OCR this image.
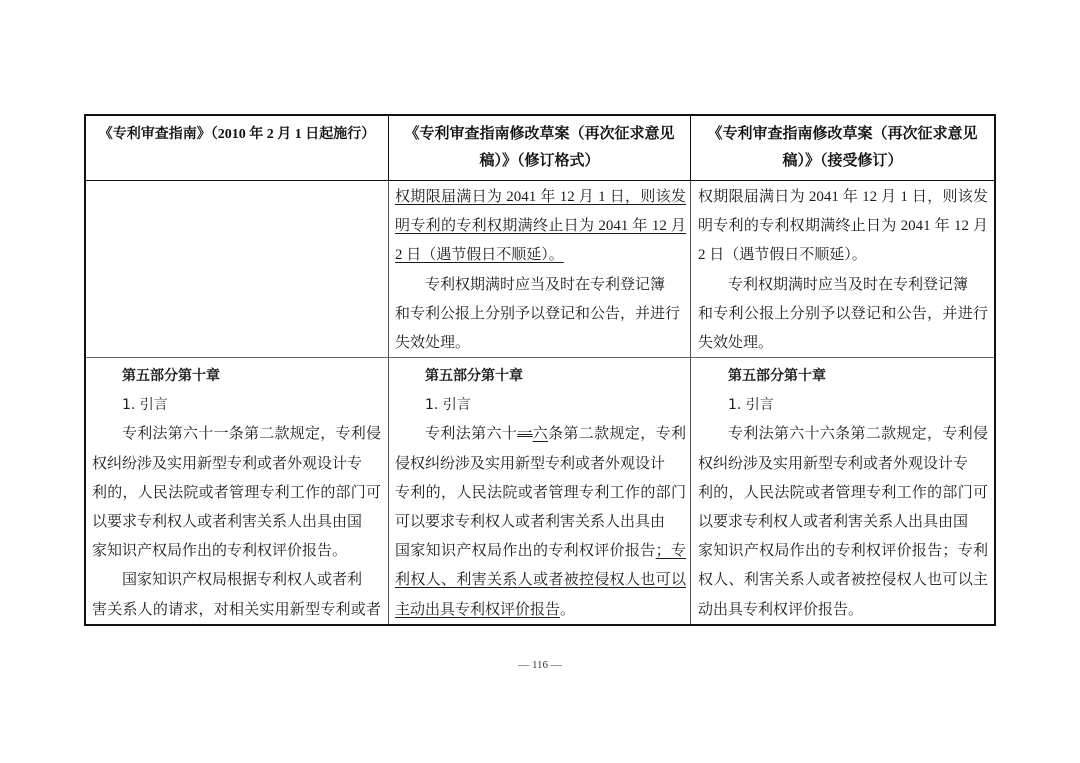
《专利审查指南》（2010 年 2 月 1 日起施行）	《专利审查指南修改草案（再次征求意见
稿）》（修订格式）
《专利审查指南修改草案（再次征求意见
稿）》（接受修订）
权期限届满日为 2041 年 12 月 1 日，则该发
明专利的专利权期满终止日为 2041 年 12 月
2 日（遇节假日不顺延）。
专利权期满时应当及时在专利登记簿
和专利公报上分别予以登记和公告，并进行
失效处理。
权期限届满日为 2041 年 12 月 1 日，则该发
明专利的专利权期满终止日为 2041 年 12 月
2 日（遇节假日不顺延）。
专利权期满时应当及时在专利登记簿
和专利公报上分别予以登记和公告，并进行
失效处理。
第五部分第十章
1. 引言
专利法第六十一条第二款规定，专利侵
权纠纷涉及实用新型专利或者外观设计专
利的，人民法院或者管理专利工作的部门可
以要求专利权人或者利害关系人出具由国
家知识产权局作出的专利权评价报告。
国家知识产权局根据专利权人或者利
害关系人的请求，对相关实用新型专利或者
第五部分第十章
1. 引言
专利法第六十一六条第二款规定，专利
侵权纠纷涉及实用新型专利或者外观设计
专利的，人民法院或者管理专利工作的部门
可以要求专利权人或者利害关系人出具由
国家知识产权局作出的专利权评价报告；专
利权人、利害关系人或者被控侵权人也可以
主动出具专利权评价报告。
第五部分第十章
1. 引言
专利法第六十六条第二款规定，专利侵
权纠纷涉及实用新型专利或者外观设计专
利的，人民法院或者管理专利工作的部门可
以要求专利权人或者利害关系人出具由国
家知识产权局作出的专利权评价报告；专利
权人、利害关系人或者被控侵权人也可以主
动出具专利权评价报告。
— 116 —
